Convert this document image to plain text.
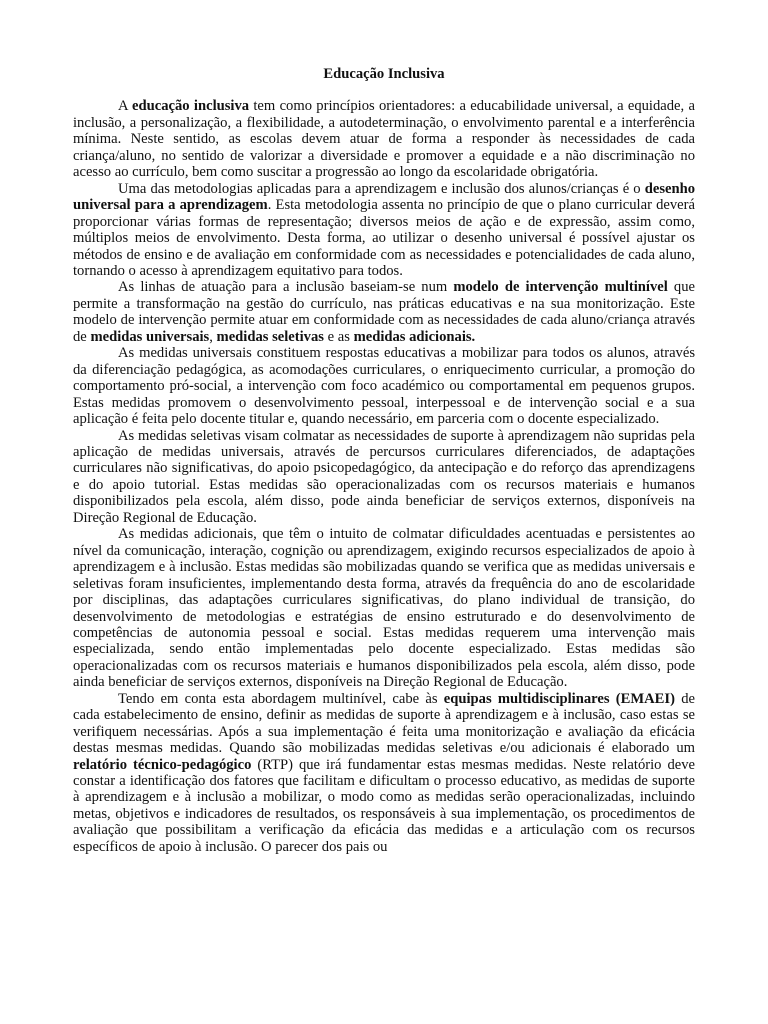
Educação Inclusiva

A educação inclusiva tem como princípios orientadores: a educabilidade universal, a equidade, a inclusão, a personalização, a flexibilidade, a autodeterminação, o envolvimento parental e a interferência mínima. Neste sentido, as escolas devem atuar de forma a responder às necessidades de cada criança/aluno, no sentido de valorizar a diversidade e promover a equidade e a não discriminação no acesso ao currículo, bem como suscitar a progressão ao longo da escolaridade obrigatória.

Uma das metodologias aplicadas para a aprendizagem e inclusão dos alunos/crianças é o desenho universal para a aprendizagem. Esta metodologia assenta no princípio de que o plano curricular deverá proporcionar várias formas de representação; diversos meios de ação e de expressão, assim como, múltiplos meios de envolvimento. Desta forma, ao utilizar o desenho universal é possível ajustar os métodos de ensino e de avaliação em conformidade com as necessidades e potencialidades de cada aluno, tornando o acesso à aprendizagem equitativo para todos.

As linhas de atuação para a inclusão baseiam-se num modelo de intervenção multinível que permite a transformação na gestão do currículo, nas práticas educativas e na sua monitorização. Este modelo de intervenção permite atuar em conformidade com as necessidades de cada aluno/criança através de medidas universais, medidas seletivas e as medidas adicionais.

As medidas universais constituem respostas educativas a mobilizar para todos os alunos, através da diferenciação pedagógica, as acomodações curriculares, o enriquecimento curricular, a promoção do comportamento pró-social, a intervenção com foco académico ou comportamental em pequenos grupos. Estas medidas promovem o desenvolvimento pessoal, interpessoal e de intervenção social e a sua aplicação é feita pelo docente titular e, quando necessário, em parceria com o docente especializado.

As medidas seletivas visam colmatar as necessidades de suporte à aprendizagem não supridas pela aplicação de medidas universais, através de percursos curriculares diferenciados, de adaptações curriculares não significativas, do apoio psicopedagógico, da antecipação e do reforço das aprendizagens e do apoio tutorial. Estas medidas são operacionalizadas com os recursos materiais e humanos disponibilizados pela escola, além disso, pode ainda beneficiar de serviços externos, disponíveis na Direção Regional de Educação.

As medidas adicionais, que têm o intuito de colmatar dificuldades acentuadas e persistentes ao nível da comunicação, interação, cognição ou aprendizagem, exigindo recursos especializados de apoio à aprendizagem e à inclusão. Estas medidas são mobilizadas quando se verifica que as medidas universais e seletivas foram insuficientes, implementando desta forma, através da frequência do ano de escolaridade por disciplinas, das adaptações curriculares significativas, do plano individual de transição, do desenvolvimento de metodologias e estratégias de ensino estruturado e do desenvolvimento de competências de autonomia pessoal e social. Estas medidas requerem uma intervenção mais especializada, sendo então implementadas pelo docente especializado. Estas medidas são operacionalizadas com os recursos materiais e humanos disponibilizados pela escola, além disso, pode ainda beneficiar de serviços externos, disponíveis na Direção Regional de Educação.

Tendo em conta esta abordagem multinível, cabe às equipas multidisciplinares (EMAEI) de cada estabelecimento de ensino, definir as medidas de suporte à aprendizagem e à inclusão, caso estas se verifiquem necessárias. Após a sua implementação é feita uma monitorização e avaliação da eficácia destas mesmas medidas. Quando são mobilizadas medidas seletivas e/ou adicionais é elaborado um relatório técnico-pedagógico (RTP) que irá fundamentar estas mesmas medidas. Neste relatório deve constar a identificação dos fatores que facilitam e dificultam o processo educativo, as medidas de suporte à aprendizagem e à inclusão a mobilizar, o modo como as medidas serão operacionalizadas, incluindo metas, objetivos e indicadores de resultados, os responsáveis à sua implementação, os procedimentos de avaliação que possibilitam a verificação da eficácia das medidas e a articulação com os recursos específicos de apoio à inclusão. O parecer dos pais ou
